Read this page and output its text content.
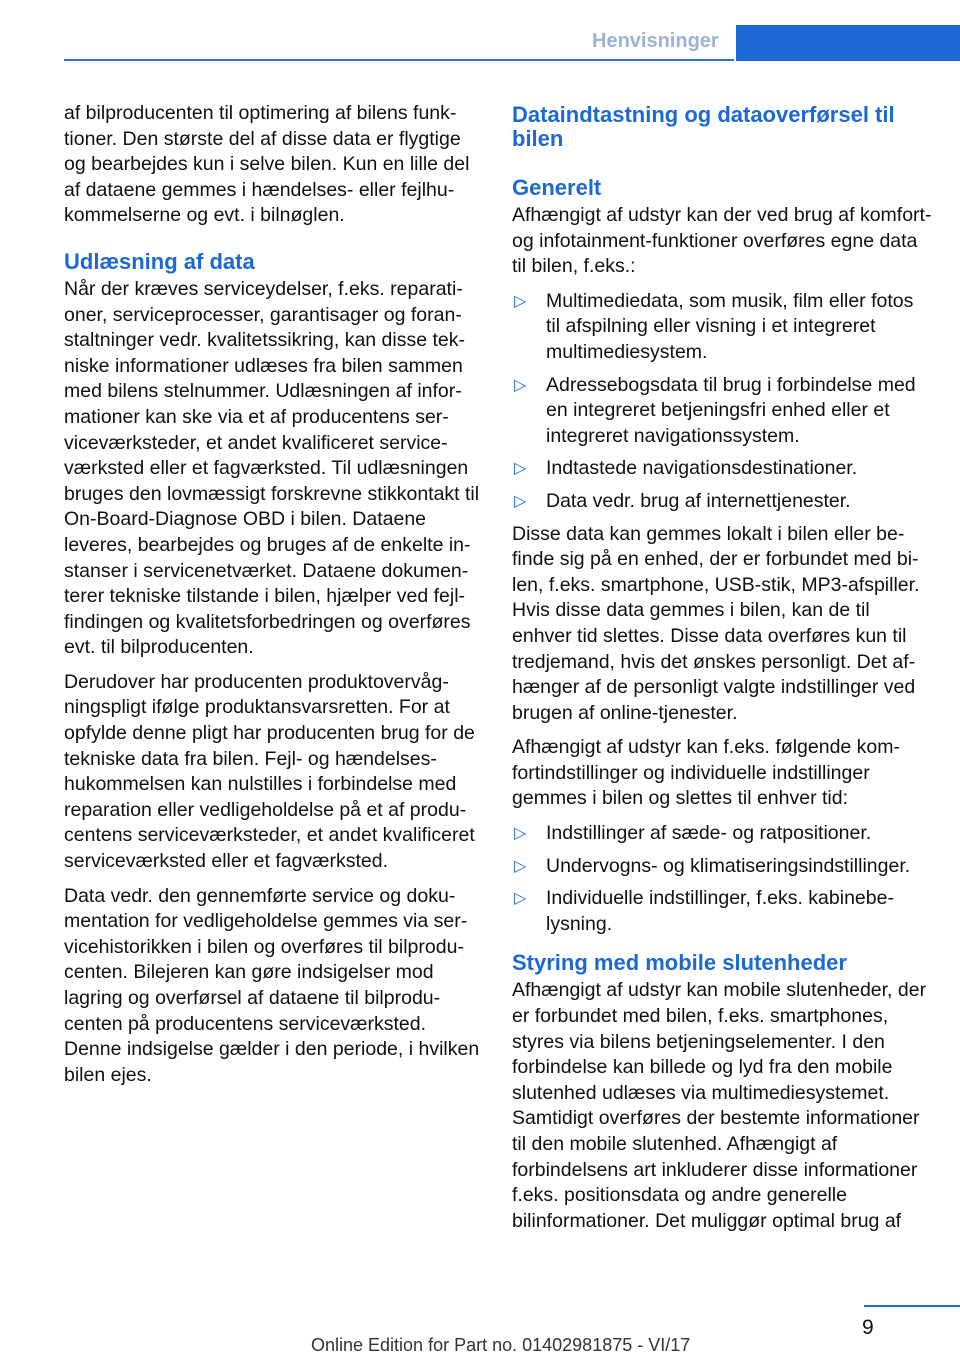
Henvisninger

af bilproducenten til optimering af bilens funktioner. Den største del af disse data er flygtige og bearbejdes kun i selve bilen. Kun en lille del af dataene gemmes i hændelses- eller fejlhukommelserne og evt. i bilnøglen.

Udlæsning af data

Når der kræves serviceydelser, f.eks. reparationer, serviceprocesser, garantisager og foranstaltninger vedr. kvalitetssikring, kan disse tekniske informationer udlæses fra bilen sammen med bilens stelnummer. Udlæsningen af informationer kan ske via et af producentens serviceværksteder, et andet kvalificeret serviceværksted eller et fagværksted. Til udlæsningen bruges den lovmæssigt forskrevne stikkontakt til On-Board-Diagnose OBD i bilen. Dataene leveres, bearbejdes og bruges af de enkelte instanser i servicenetværket. Dataene dokumenterer tekniske tilstande i bilen, hjælper ved fejlfindingen og kvalitetsforbedringen og overføres evt. til bilproducenten.

Derudover har producenten produktovervågningspligt ifølge produktansvarsretten. For at opfylde denne pligt har producenten brug for de tekniske data fra bilen. Fejl- og hændelseshukommelsen kan nulstilles i forbindelse med reparation eller vedligeholdelse på et af producentens serviceværksteder, et andet kvalificeret serviceværksted eller et fagværksted.

Data vedr. den gennemførte service og dokumentation for vedligeholdelse gemmes via servicehistorikken i bilen og overføres til bilproducenten. Bilejeren kan gøre indsigelser mod lagring og overførsel af dataene til bilproducenten på producentens serviceværksted. Denne indsigelse gælder i den periode, i hvilken bilen ejes.

Dataindtastning og dataoverførsel til bilen
Generelt

Afhængigt af udstyr kan der ved brug af komfort- og infotainment-funktioner overføres egne data til bilen, f.eks.:

▷ Multimediedata, som musik, film eller fotos til afspilning eller visning i et integreret multimediesystem.
▷ Adressebogsdata til brug i forbindelse med en integreret betjeningsfri enhed eller et integreret navigationssystem.
▷ Indtastede navigationsdestinationer.
▷ Data vedr. brug af internettjenester.

Disse data kan gemmes lokalt i bilen eller befinde sig på en enhed, der er forbundet med bilen, f.eks. smartphone, USB-stik, MP3-afspiller. Hvis disse data gemmes i bilen, kan de til enhver tid slettes. Disse data overføres kun til tredjemand, hvis det ønskes personligt. Det afhænger af de personligt valgte indstillinger ved brugen af online-tjenester.

Afhængigt af udstyr kan f.eks. følgende komfortindstillinger og individuelle indstillinger gemmes i bilen og slettes til enhver tid:

▷ Indstillinger af sæde- og ratpositioner.
▷ Undervogns- og klimatiseringsindstillinger.
▷ Individuelle indstillinger, f.eks. kabinebelysning.
Styring med mobile slutenheder

Afhængigt af udstyr kan mobile slutenheder, der er forbundet med bilen, f.eks. smartphones, styres via bilens betjeningselementer. I den forbindelse kan billede og lyd fra den mobile slutenhed udlæses via multimediesystemet. Samtidigt overføres der bestemte informationer til den mobile slutenhed. Afhængigt af forbindelsens art inkluderer disse informationer f.eks. positionsdata og andre generelle bilinformationer. Det muliggør optimal brug af

9
Online Edition for Part no. 01402981875 - VI/17
